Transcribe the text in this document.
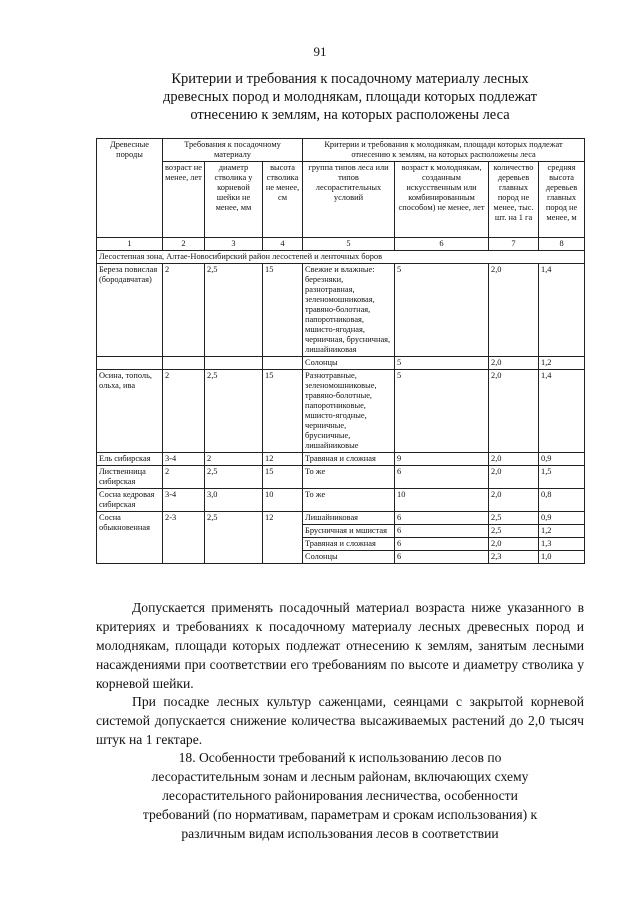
91
Критерии и требования к посадочному материалу лесных
древесных пород и молоднякам, площади которых подлежат
отнесению к землям, на которых расположены леса
Древесные породы	Требования к посадочному материалу			Критерии и требования к молоднякам, площади которых подлежат отнесению к землям, на которых расположены леса			
	возраст не менее, лет	диаметр стволика у корневой шейки не менее, мм	высота стволика не менее, см	группа типов леса или типов лесорастительных условий	возраст к молоднякам, созданным искусственным или комбинированным способом) не менее, лет	количество деревьев главных пород не менее, тыс. шт. на 1 га	средняя высота деревьев главных пород не менее, м
1	2	3	4	5	6	7	8
Лесостепная зона, Алтае-Новосибирский район лесостепей и ленточных боров							
Береза повислая (бородавчатая)	2	2,5	15	Свежие и влажные: березняки, разнотравная, зеленомошниковая, травяно-болотная, папоротниковая, мшисто-ягодная, черничная, брусничная, лишайниковая	5	2,0	1,4
				Солонцы	5	2,0	1,2
Осина, тополь, ольха, ива	2	2,5	15	Разнотравные, зеленомошниковые, травяно-болотные, папоротниковые, мшисто-ягодные, черничные, брусничные, лишайниковые	5	2,0	1,4
Ель сибирская	3-4	2	12	Травяная и сложная	9	2,0	0,9
Лиственница сибирская	2	2,5	15	То же	6	2,0	1,5
Сосна кедровая сибирская	3-4	3,0	10	То же	10	2,0	0,8
Сосна обыкновенная	2-3	2,5	12	Лишайниковая	6	2,5	0,9
				Брусничная и мшистая	6	2,5	1,2
				Травяная и сложная	6	2,0	1,3
				Солонцы	6	2,3	1,0
Допускается применять посадочный материал возраста ниже указанного в критериях и требованиях к посадочному материалу лесных древесных пород и молоднякам, площади которых подлежат отнесению к землям, занятым лесными насаждениями при соответствии его требованиям по высоте и диаметру стволика у корневой шейки.
При посадке лесных культур саженцами, сеянцами с закрытой корневой системой допускается снижение количества высаживаемых растений до 2,0 тысяч штук на 1 гектаре.
18. Особенности требований к использованию лесов по
лесорастительным зонам и лесным районам, включающих схему
лесорастительного районирования лесничества, особенности
требований (по нормативам, параметрам и срокам использования) к
различным видам использования лесов в соответствии
